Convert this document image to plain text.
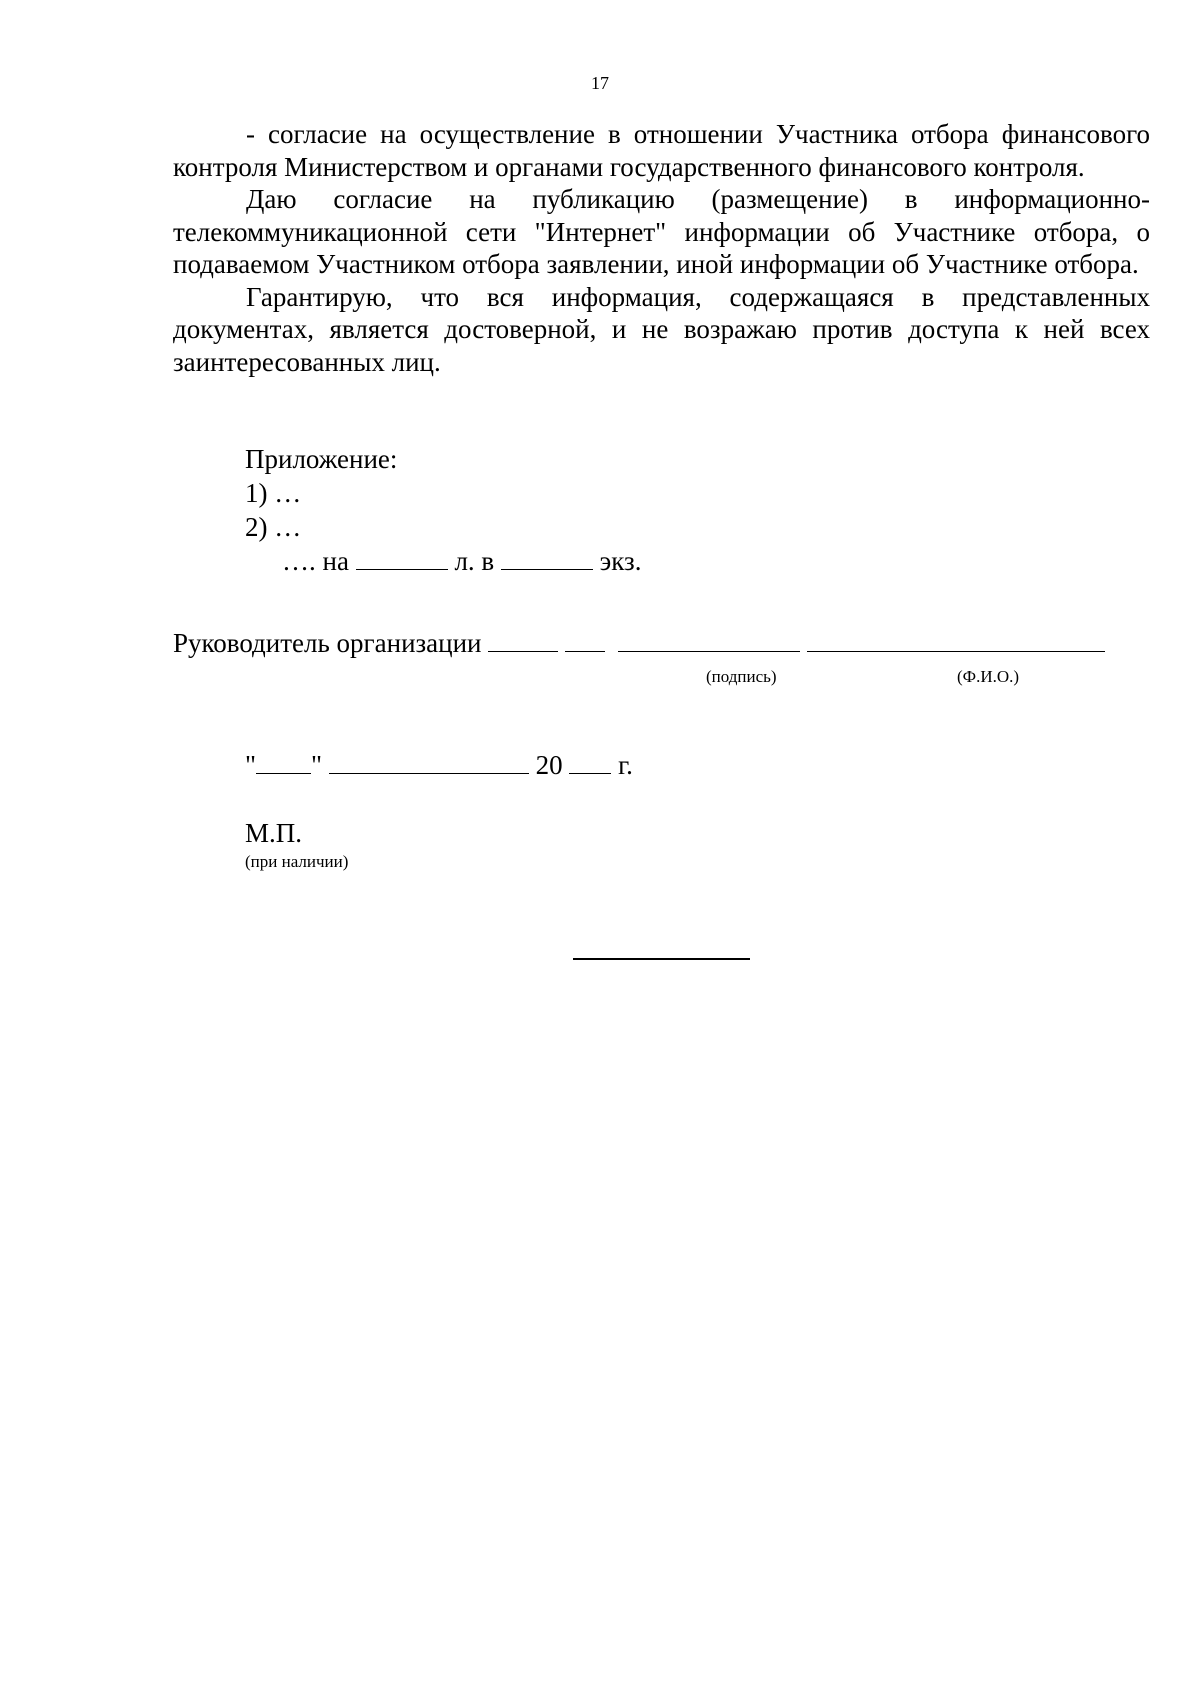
17

- согласие на осуществление в отношении Участника отбора финансового контроля Министерством и органами государственного финансового контроля.

Даю согласие на публикацию (размещение) в информационно-телекоммуникационной сети "Интернет" информации об Участнике отбора, о подаваемом Участником отбора заявлении, иной информации об Участнике отбора.

Гарантирую, что вся информация, содержащаяся в представленных документах, является достоверной, и не возражаю против доступа к ней всех заинтересованных лиц.

Приложение:
1) …
2) …
…. на	л. в	экз.
Руководитель организации
(подпись)	(Ф.И.О.)
" "	20 г.
М.П.
(при наличии)
